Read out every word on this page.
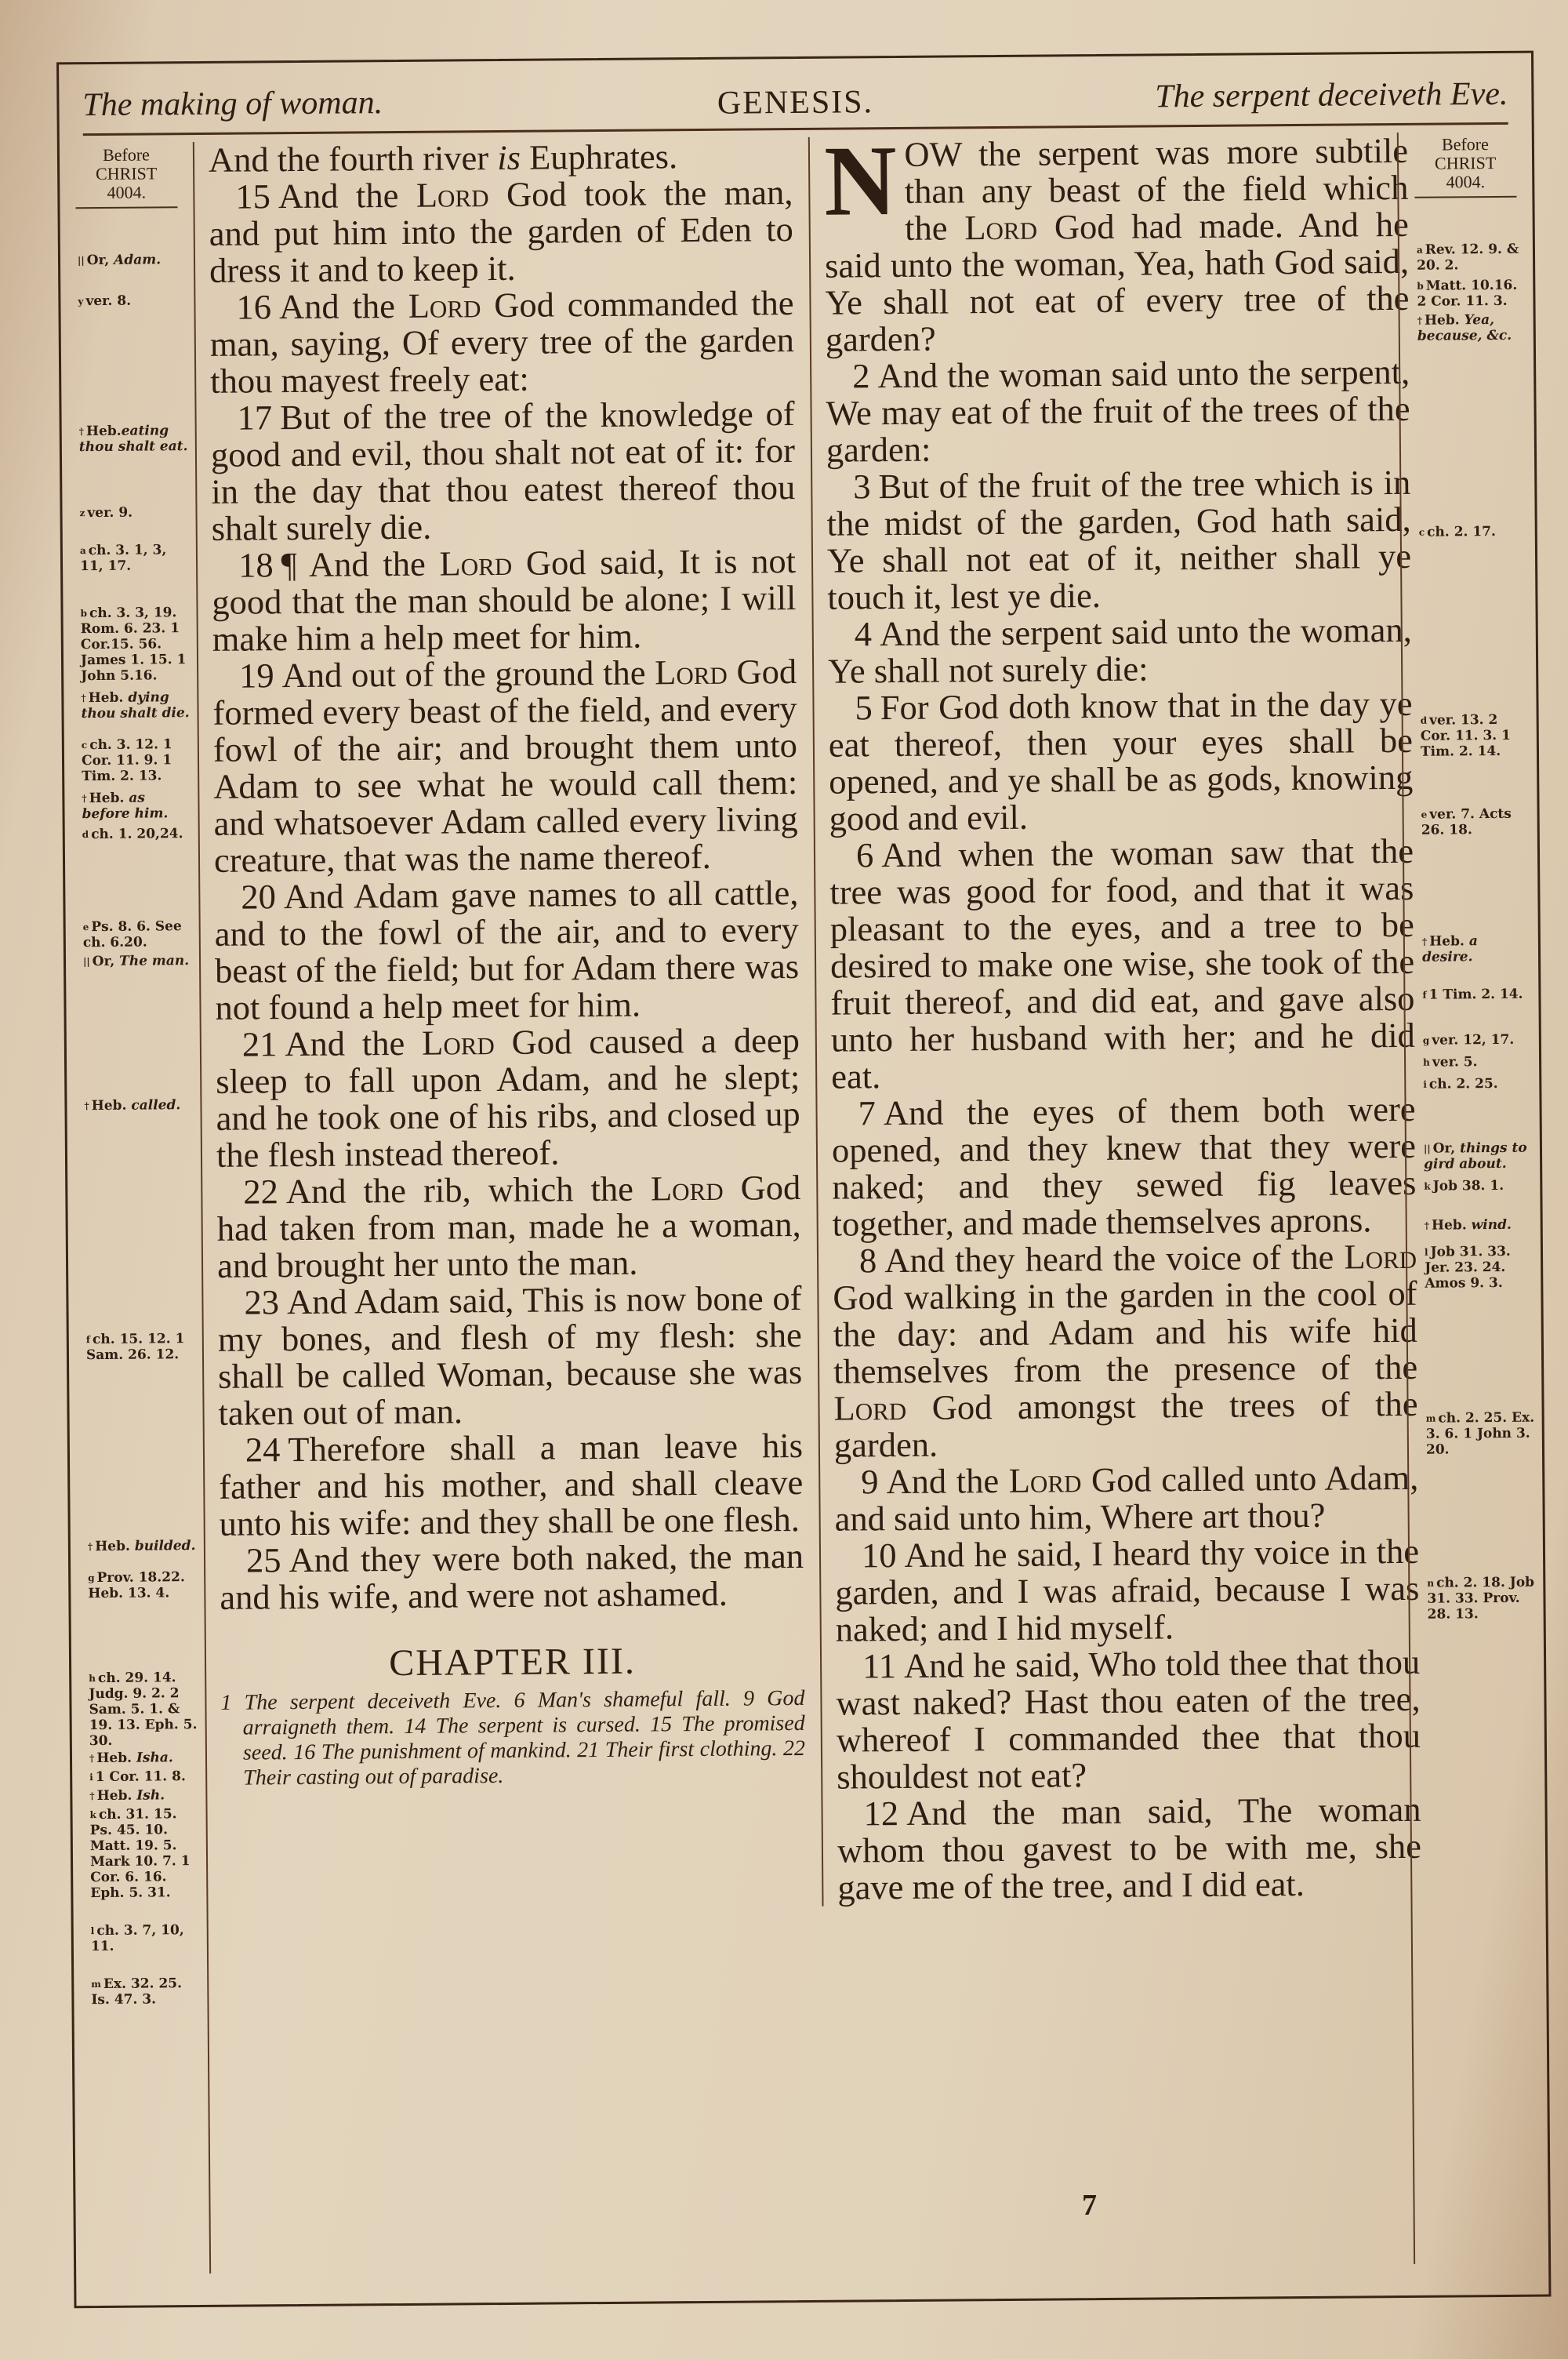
The making of woman.	GENESIS.	The serpent deceiveth Eve.
Before
CHRIST
4004.
|| Or, Adam.
$^y$ ver. 8.
† Heb.eating thou shalt eat.
$^z$ ver. 9.
$^a$ ch. 3. 1, 3, 11, 17.
$^b$ ch. 3. 3, 19. Rom. 6. 23. 1 Cor.15. 56. James 1. 15. 1 John 5.16.
† Heb. dying thou shalt die.
$^c$ ch. 3. 12. 1 Cor. 11. 9. 1 Tim. 2. 13.
† Heb. as before him.
$^d$ ch. 1. 20,24.
$^e$ Ps. 8. 6. See ch. 6.20.
|| Or, The man.
† Heb. called.
$^f$ ch. 15. 12. 1 Sam. 26. 12.
† Heb. builded.
$^g$ Prov. 18.22. Heb. 13. 4.
$^h$ ch. 29. 14. Judg. 9. 2. 2 Sam. 5. 1. & 19. 13. Eph. 5. 30.
† Heb. Isha.
$^i$ 1 Cor. 11. 8.
† Heb. Ish.
$^k$ ch. 31. 15. Ps. 45. 10. Matt. 19. 5. Mark 10. 7. 1 Cor. 6. 16. Eph. 5. 31.
$^l$ ch. 3. 7, 10, 11.
$^m$ Ex. 32. 25. Is. 47. 3.

And the fourth river is Euphrates.

15 And the Lord God took the man, and put him into the garden of Eden to dress it and to keep it.

16 And the Lord God commanded the man, saying, Of every tree of the garden thou mayest freely eat:

17 But of the tree of the knowledge of good and evil, thou shalt not eat of it: for in the day that thou eatest thereof thou shalt surely die.

18 ¶ And the Lord God said, It is not good that the man should be alone; I will make him a help meet for him.

19 And out of the ground the Lord God formed every beast of the field, and every fowl of the air; and brought them unto Adam to see what he would call them: and whatsoever Adam called every living creature, that was the name thereof.

20 And Adam gave names to all cattle, and to the fowl of the air, and to every beast of the field; but for Adam there was not found a help meet for him.

21 And the Lord God caused a deep sleep to fall upon Adam, and he slept; and he took one of his ribs, and closed up the flesh instead thereof.

22 And the rib, which the Lord God had taken from man, made he a woman, and brought her unto the man.

23 And Adam said, This is now bone of my bones, and flesh of my flesh: she shall be called Woman, because she was taken out of man.

24 Therefore shall a man leave his father and his mother, and shall cleave unto his wife: and they shall be one flesh.

25 And they were both naked, the man and his wife, and were not ashamed.

CHAPTER III.
1 The serpent deceiveth Eve. 6 Man's shameful fall. 9 God arraigneth them. 14 The serpent is cursed. 15 The promised seed. 16 The punishment of mankind. 21 Their first clothing. 22 Their casting out of paradise.

NOW the serpent was more subtile than any beast of the field which the Lord God had made. And he said unto the woman, Yea, hath God said, Ye shall not eat of every tree of the garden?

2 And the woman said unto the serpent, We may eat of the fruit of the trees of the garden:

3 But of the fruit of the tree which is in the midst of the garden, God hath said, Ye shall not eat of it, neither shall ye touch it, lest ye die.

4 And the serpent said unto the woman, Ye shall not surely die:

5 For God doth know that in the day ye eat thereof, then your eyes shall be opened, and ye shall be as gods, knowing good and evil.

6 And when the woman saw that the tree was good for food, and that it was pleasant to the eyes, and a tree to be desired to make one wise, she took of the fruit thereof, and did eat, and gave also unto her husband with her; and he did eat.

7 And the eyes of them both were opened, and they knew that they were naked; and they sewed fig leaves together, and made themselves aprons.

8 And they heard the voice of the Lord God walking in the garden in the cool of the day: and Adam and his wife hid themselves from the presence of the Lord God amongst the trees of the garden.

9 And the Lord God called unto Adam, and said unto him, Where art thou?

10 And he said, I heard thy voice in the garden, and I was afraid, because I was naked; and I hid myself.

11 And he said, Who told thee that thou wast naked? Hast thou eaten of the tree, whereof I commanded thee that thou shouldest not eat?

12 And the man said, The woman whom thou gavest to be with me, she gave me of the tree, and I did eat.

Before
CHRIST
4004.
$^a$ Rev. 12. 9. & 20. 2.
$^b$ Matt. 10.16. 2 Cor. 11. 3.
† Heb. Yea, because, &c.
$^c$ ch. 2. 17.
$^d$ ver. 13. 2 Cor. 11. 3. 1 Tim. 2. 14.
$^e$ ver. 7. Acts 26. 18.
† Heb. a desire.
$^f$ 1 Tim. 2. 14.
$^g$ ver. 12, 17.
$^h$ ver. 5.
$^i$ ch. 2. 25.
|| Or, things to gird about.
$^k$ Job 38. 1.
† Heb. wind.
$^l$ Job 31. 33. Jer. 23. 24. Amos 9. 3.
$^m$ ch. 2. 25. Ex. 3. 6. 1 John 3. 20.
$^n$ ch. 2. 18. Job 31. 33. Prov. 28. 13.
7
